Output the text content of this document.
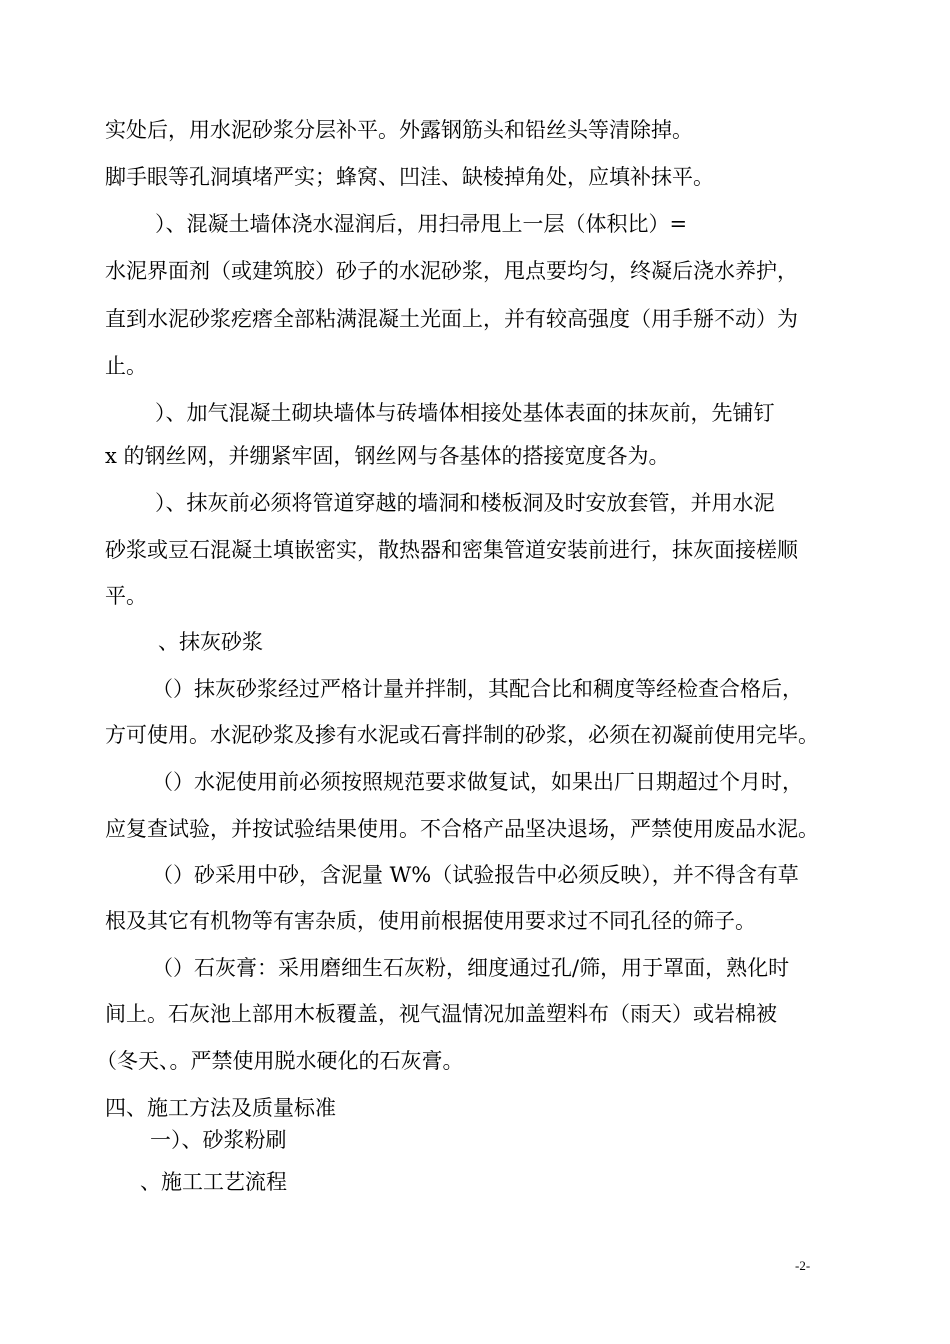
实处后，用水泥砂浆分层补平。外露钢筋头和铅丝头等清除掉。
脚手眼等孔洞填堵严实；蜂窝、凹洼、缺棱掉角处，应填补抹平。
）、混凝土墙体浇水湿润后，用扫帚甩上一层（体积比）=
水泥界面剂（或建筑胶）砂子的水泥砂浆，甩点要均匀，终凝后浇水养护，
直到水泥砂浆疙瘩全部粘满混凝土光面上，并有较高强度（用手掰不动）为
止。
）、加气混凝土砌块墙体与砖墙体相接处基体表面的抹灰前，先铺钉
x 的钢丝网，并绷紧牢固，钢丝网与各基体的搭接宽度各为。
）、抹灰前必须将管道穿越的墙洞和楼板洞及时安放套管，并用水泥
砂浆或豆石混凝土填嵌密实，散热器和密集管道安装前进行，抹灰面接槎顺
平。
、抹灰砂浆
（）抹灰砂浆经过严格计量并拌制，其配合比和稠度等经检查合格后，
方可使用。水泥砂浆及掺有水泥或石膏拌制的砂浆，必须在初凝前使用完毕。
（）水泥使用前必须按照规范要求做复试，如果出厂日期超过个月时，
应复查试验，并按试验结果使用。不合格产品坚决退场，严禁使用废品水泥。
（）砂采用中砂，含泥量 W%（试验报告中必须反映），并不得含有草
根及其它有机物等有害杂质，使用前根据使用要求过不同孔径的筛子。
（）石灰膏：采用磨细生石灰粉，细度通过孔/筛，用于罩面，熟化时
间上。石灰池上部用木板覆盖，视气温情况加盖塑料布（雨天）或岩棉被
（冬天、。严禁使用脱水硬化的石灰膏。
四、施工方法及质量标准
一）、砂浆粉刷
、施工工艺流程
-2-
